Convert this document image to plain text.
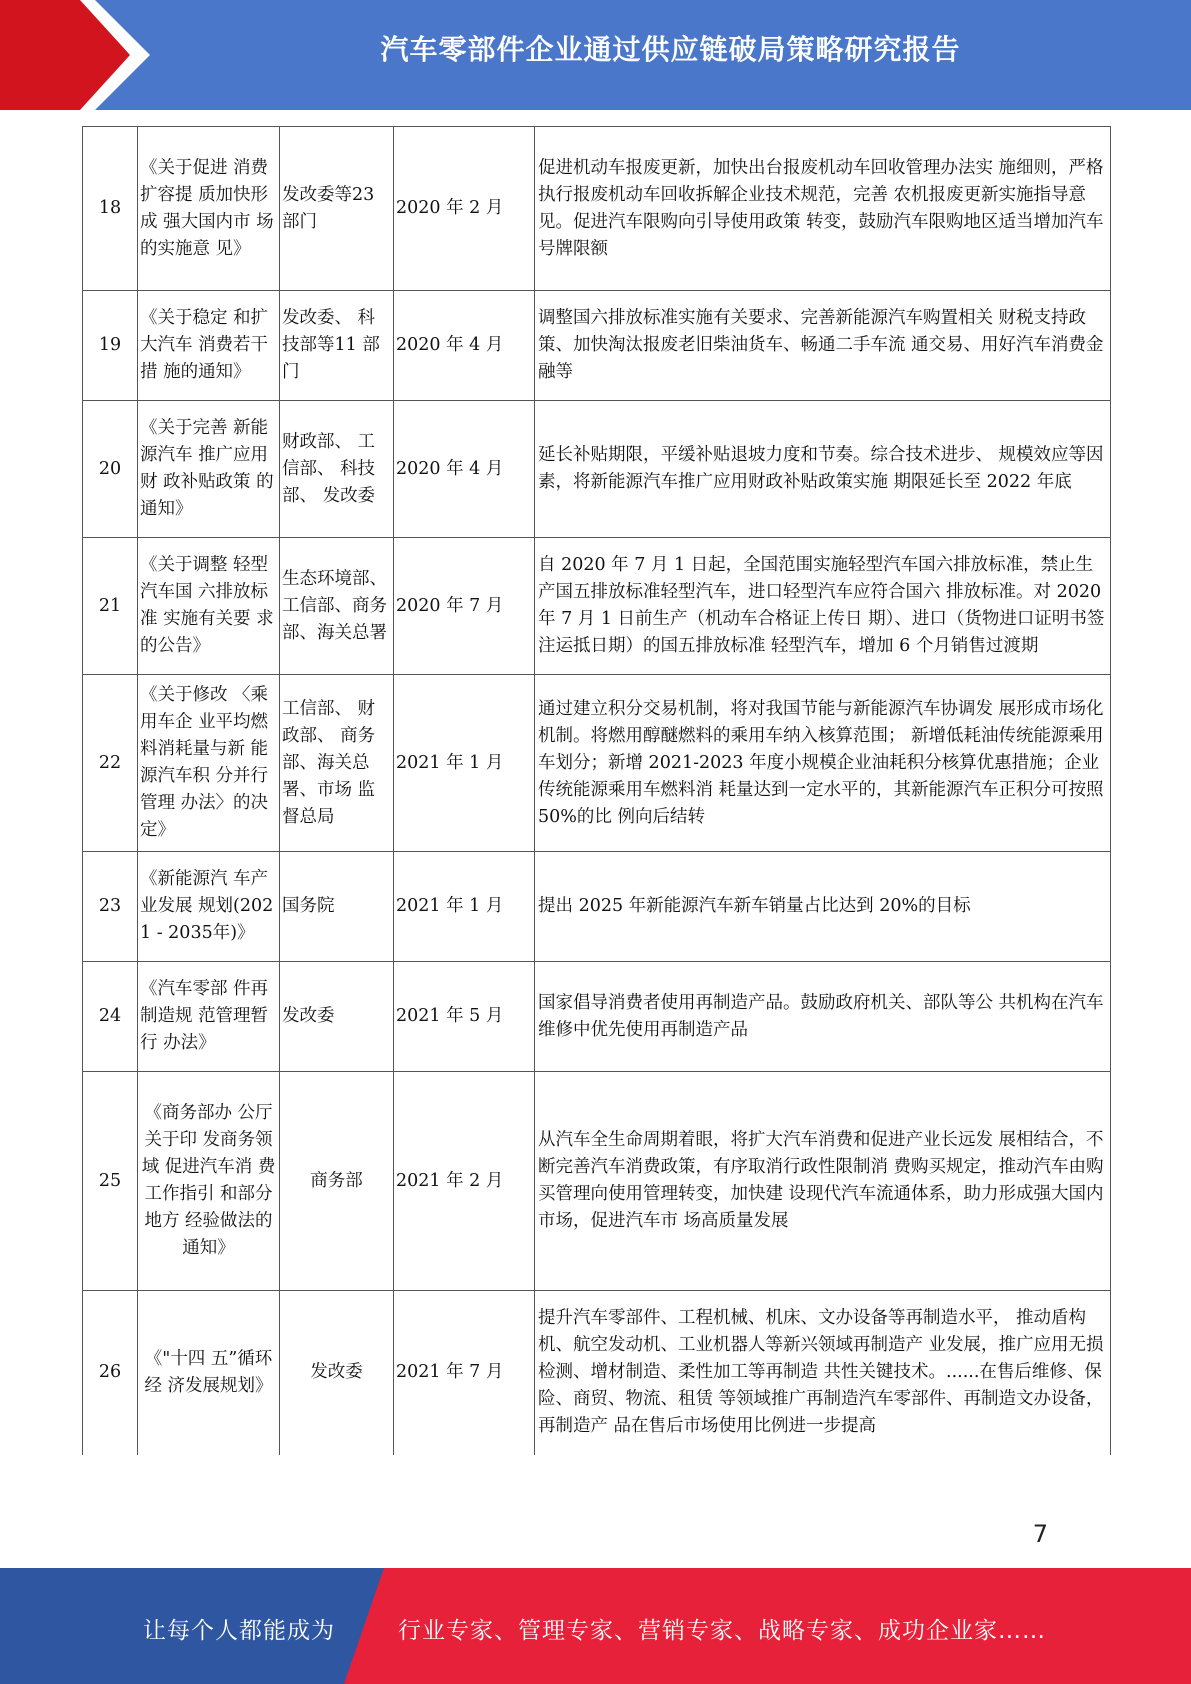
汽车零部件企业通过供应链破局策略研究报告
18	《关于促进 消费扩容提 质加快形成 强大国内市 场的实施意 见》	发改委等23 部门	2020 年 2 月	促进机动车报废更新，加快出台报废机动车回收管理办法实 施细则，严格执行报废机动车回收拆解企业技术规范，完善 农机报废更新实施指导意见。促进汽车限购向引导使用政策 转变，鼓励汽车限购地区适当增加汽车号牌限额
19	《关于稳定 和扩大汽车 消费若干措 施的通知》	发改委、 科技部等11 部门	2020 年 4 月	调整国六排放标准实施有关要求、完善新能源汽车购置相关 财税支持政策、加快淘汰报废老旧柴油货车、畅通二手车流 通交易、用好汽车消费金融等
20	《关于完善 新能源汽车 推广应用财 政补贴政策 的通知》	财政部、 工信部、 科技部、 发改委	2020 年 4 月	延长补贴期限，平缓补贴退坡力度和节奏。综合技术进步、 规模效应等因素，将新能源汽车推广应用财政补贴政策实施 期限延长至 2022 年底
21	《关于调整 轻型汽车国 六排放标准 实施有关要 求的公告》	生态环境部、工信部、商务部、海关总署	2020 年 7 月	自 2020 年 7 月 1 日起，全国范围实施轻型汽车国六排放标准，禁止生产国五排放标准轻型汽车，进口轻型汽车应符合国六 排放标准。对 2020 年 7 月 1 日前生产（机动车合格证上传日 期）、进口（货物进口证明书签注运抵日期）的国五排放标准 轻型汽车，增加 6 个月销售过渡期
22	《关于修改 〈乘用车企 业平均燃料消耗量与新 能源汽车积 分并行管理 办法〉的决 定》	工信部、 财政部、 商务部、海关总署、市场 监督总局	2021 年 1 月	通过建立积分交易机制，将对我国节能与新能源汽车协调发 展形成市场化机制。将燃用醇醚燃料的乘用车纳入核算范围； 新增低耗油传统能源乘用车划分；新增 2021-2023 年度小规模企业油耗积分核算优惠措施；企业传统能源乘用车燃料消 耗量达到一定水平的，其新能源汽车正积分可按照 50%的比 例向后结转
23	《新能源汽 车产业发展 规划(2021 - 2035年)》	国务院	2021 年 1 月	提出 2025 年新能源汽车新车销量占比达到 20%的目标
24	《汽车零部 件再制造规 范管理暂行 办法》	发改委	2021 年 5 月	国家倡导消费者使用再制造产品。鼓励政府机关、部队等公 共机构在汽车维修中优先使用再制造产品
25	《商务部办 公厅关于印 发商务领域 促进汽车消 费工作指引 和部分地方 经验做法的 通知》	商务部	2021 年 2 月	从汽车全生命周期着眼，将扩大汽车消费和促进产业长远发 展相结合，不断完善汽车消费政策，有序取消行政性限制消 费购买规定，推动汽车由购买管理向使用管理转变，加快建 设现代汽车流通体系，助力形成强大国内市场，促进汽车市 场高质量发展
26	《"十四 五”循环经 济发展规划》	发改委	2021 年 7 月	提升汽车零部件、工程机械、机床、文办设备等再制造水平， 推动盾构机、航空发动机、工业机器人等新兴领域再制造产 业发展，推广应用无损检测、增材制造、柔性加工等再制造 共性关键技术。......在售后维修、保险、商贸、物流、租赁 等领域推广再制造汽车零部件、再制造文办设备，再制造产 品在售后市场使用比例进一步提高
7
让每个人都能成为	行业专家、管理专家、营销专家、战略专家、成功企业家……
